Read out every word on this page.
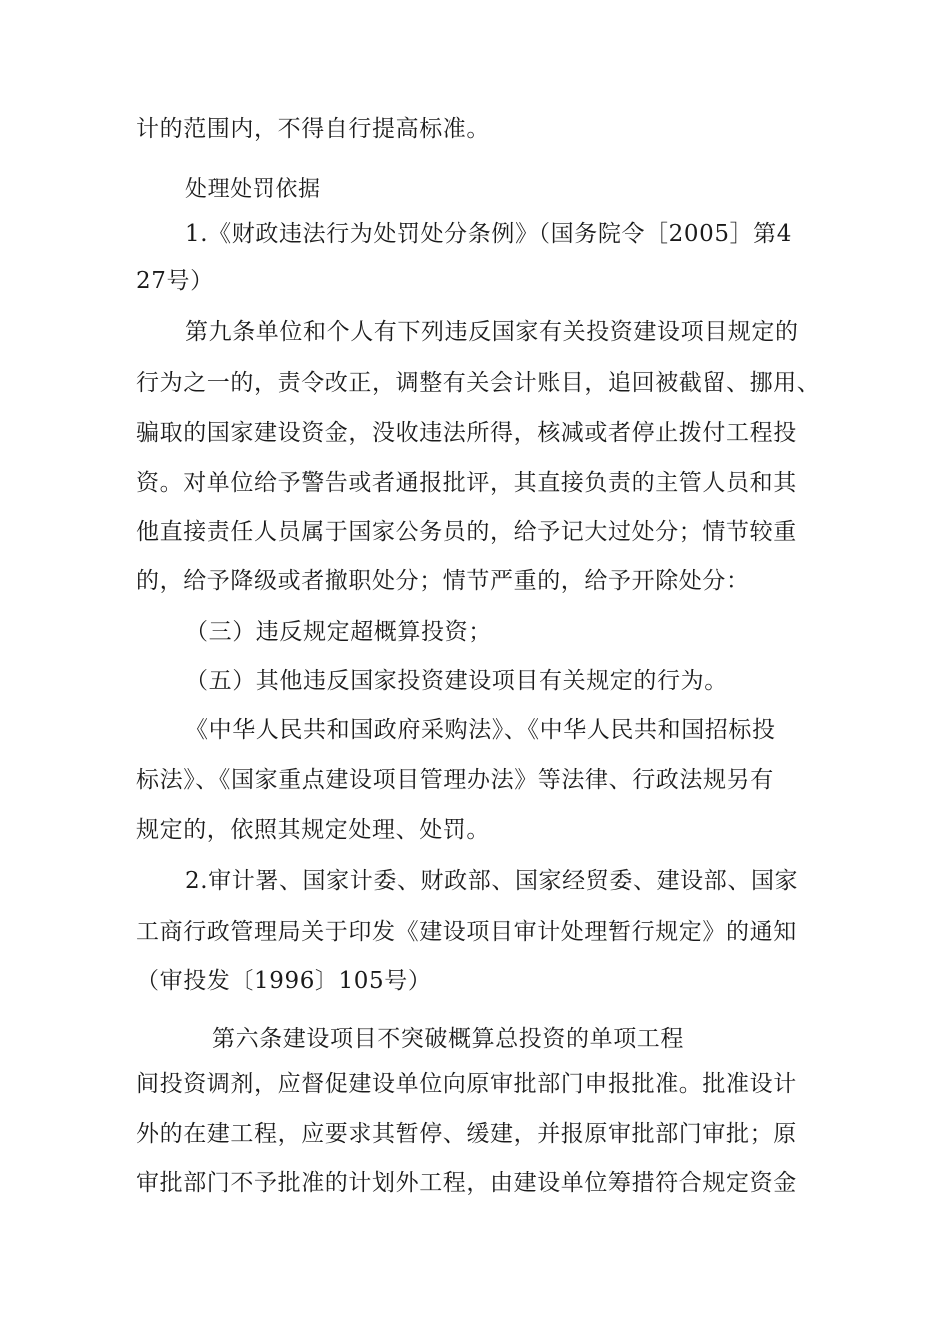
计的范围内，不得自行提高标准。
处理处罚依据
1.《财政违法行为处罚处分条例》（国务院令［2005］第4
27号）
第九条单位和个人有下列违反国家有关投资建设项目规定的
行为之一的，责令改正，调整有关会计账目，追回被截留、挪用、
骗取的国家建设资金，没收违法所得，核减或者停止拨付工程投
资。对单位给予警告或者通报批评，其直接负责的主管人员和其
他直接责任人员属于国家公务员的，给予记大过处分；情节较重
的，给予降级或者撤职处分；情节严重的，给予开除处分：
（三）违反规定超概算投资；
（五）其他违反国家投资建设项目有关规定的行为。
《中华人民共和国政府采购法》、《中华人民共和国招标投
标法》、《国家重点建设项目管理办法》等法律、行政法规另有
规定的，依照其规定处理、处罚。
2.审计署、国家计委、财政部、国家经贸委、建设部、国家
工商行政管理局关于印发《建设项目审计处理暂行规定》的通知
（审投发〔1996〕105号）
第六条建设项目不突破概算总投资的单项工程
间投资调剂，应督促建设单位向原审批部门申报批准。批准设计
外的在建工程，应要求其暂停、缓建，并报原审批部门审批；原
审批部门不予批准的计划外工程，由建设单位筹措符合规定资金
